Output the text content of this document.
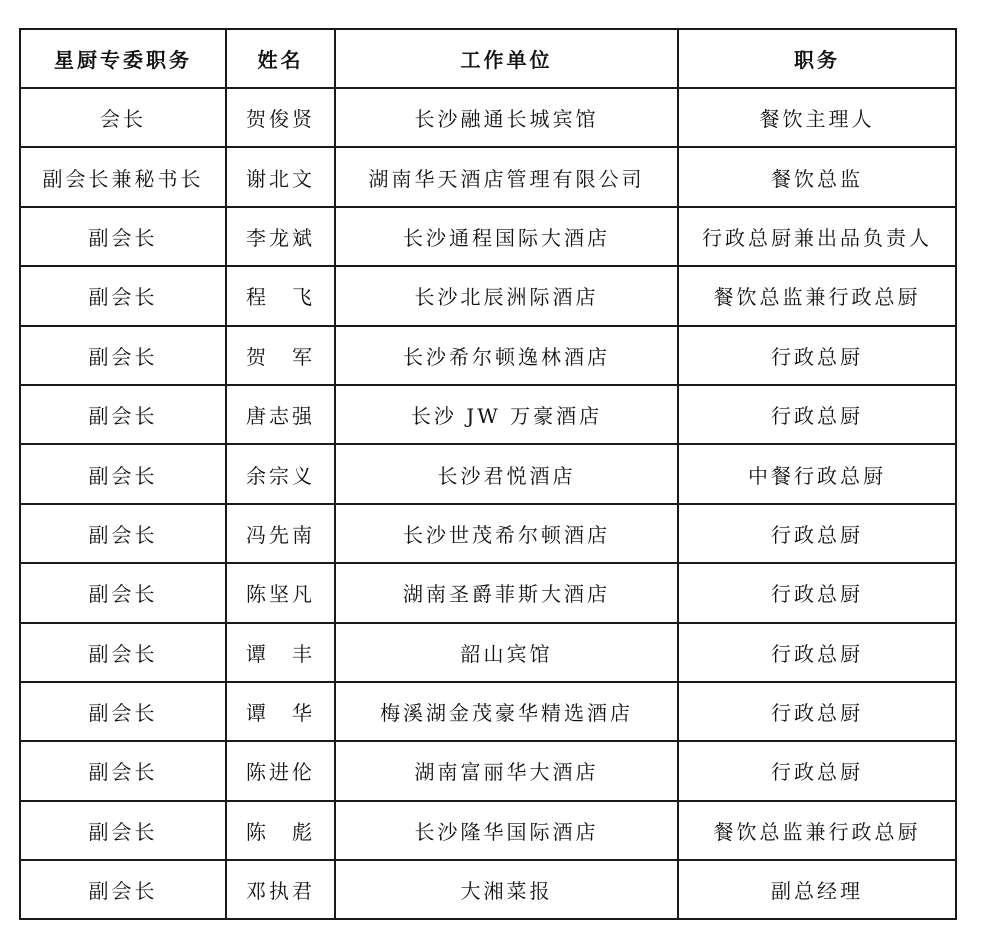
星厨专委职务	姓名	工作单位	职务
会长	贺俊贤	长沙融通长城宾馆	餐饮主理人
副会长兼秘书长	谢北文	湖南华天酒店管理有限公司	餐饮总监
副会长	李龙斌	长沙通程国际大酒店	行政总厨兼出品负责人
副会长	程　飞	长沙北辰洲际酒店	餐饮总监兼行政总厨
副会长	贺　军	长沙希尔顿逸林酒店	行政总厨
副会长	唐志强	长沙 JW 万豪酒店	行政总厨
副会长	余宗义	长沙君悦酒店	中餐行政总厨
副会长	冯先南	长沙世茂希尔顿酒店	行政总厨
副会长	陈坚凡	湖南圣爵菲斯大酒店	行政总厨
副会长	谭　丰	韶山宾馆	行政总厨
副会长	谭　华	梅溪湖金茂豪华精选酒店	行政总厨
副会长	陈进伦	湖南富丽华大酒店	行政总厨
副会长	陈　彪	长沙隆华国际酒店	餐饮总监兼行政总厨
副会长	邓执君	大湘菜报	副总经理
